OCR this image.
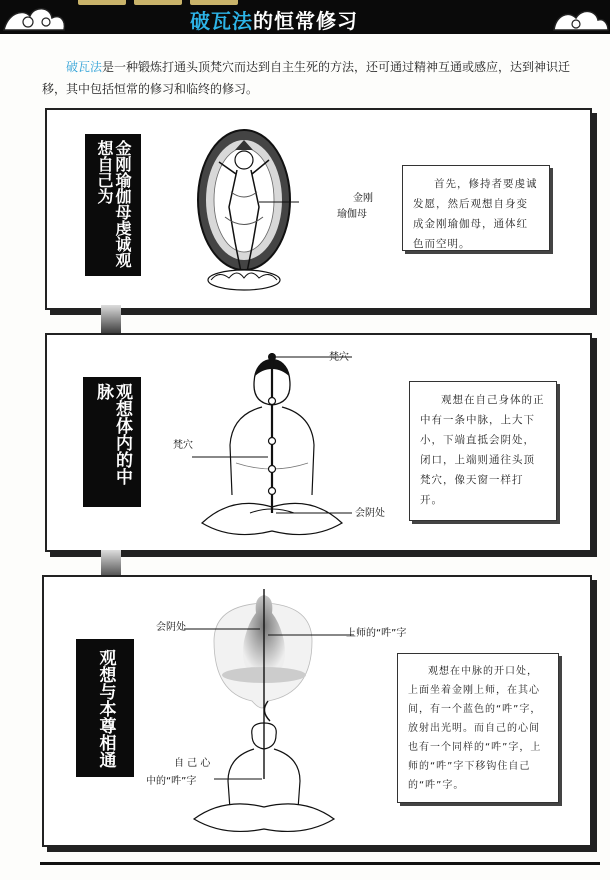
破瓦法 的恒常修习
破瓦法是一种锻炼打通头顶梵穴而达到自主生死的方法，还可通过精神互通或感应，达到神识迁移，其中包括恒常的修习和临终的修习。
金刚瑜伽母虔诚观想自己为	金刚
瑜伽母
首先，修持者要虔诚发愿，然后观想自身变成金刚瑜伽母，通体红色而空明。
观想体内的中脉
梵穴
梵穴
会阴处
观想在自己身体的正中有一条中脉，上大下小，下端直抵会阴处，闭口，上端则通往头顶梵穴，像天窗一样打开。
观想与本尊相通
会阴处
上师的“吽”字
自 己 心
中的“吽”字
观想在中脉的开口处，上面坐着金刚上师，在其心间，有一个蓝色的“吽”字，放射出光明。而自己的心间也有一个同样的“吽”字，上师的“吽”字下移钩住自己的“吽”字。
